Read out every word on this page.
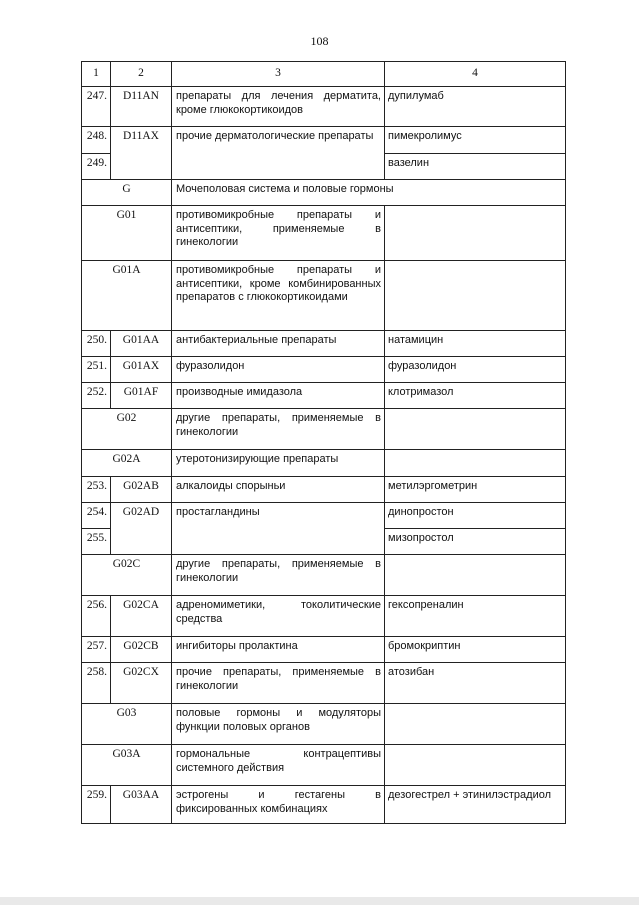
108
1	2	3	4
247.	D11AN	препараты для лечения дерматита, кроме глюкокортикоидов	дупилумаб
248.	D11AX	прочие дерматологические препараты	пимекролимус
249.			вазелин
G		Мочеполовая система и половые гормоны	
G01		противомикробные препараты и антисептики, применяемые в гинекологии	
G01A		противомикробные препараты и антисептики, кроме комбинированных препаратов с глюкокортикоидами	
250.	G01AA	антибактериальные препараты	натамицин
251.	G01AX	фуразолидон	фуразолидон
252.	G01AF	производные имидазола	клотримазол
G02		другие препараты, применяемые в гинекологии	
G02A		утеротонизирующие препараты	
253.	G02AB	алкалоиды спорыньи	метилэргометрин
254.	G02AD	простагландины	динопростон
255.			мизопростол
G02C		другие препараты, применяемые в гинекологии	
256.	G02CA	адреномиметики, токолитические средства	гексопреналин
257.	G02CB	ингибиторы пролактина	бромокриптин
258.	G02CX	прочие препараты, применяемые в гинекологии	атозибан
G03		половые гормоны и модуляторы функции половых органов	
G03A		гормональные контрацептивы системного действия	
259.	G03AA	эстрогены и гестагены в фиксированных комбинациях	дезогестрел + этинилэстрадиол
